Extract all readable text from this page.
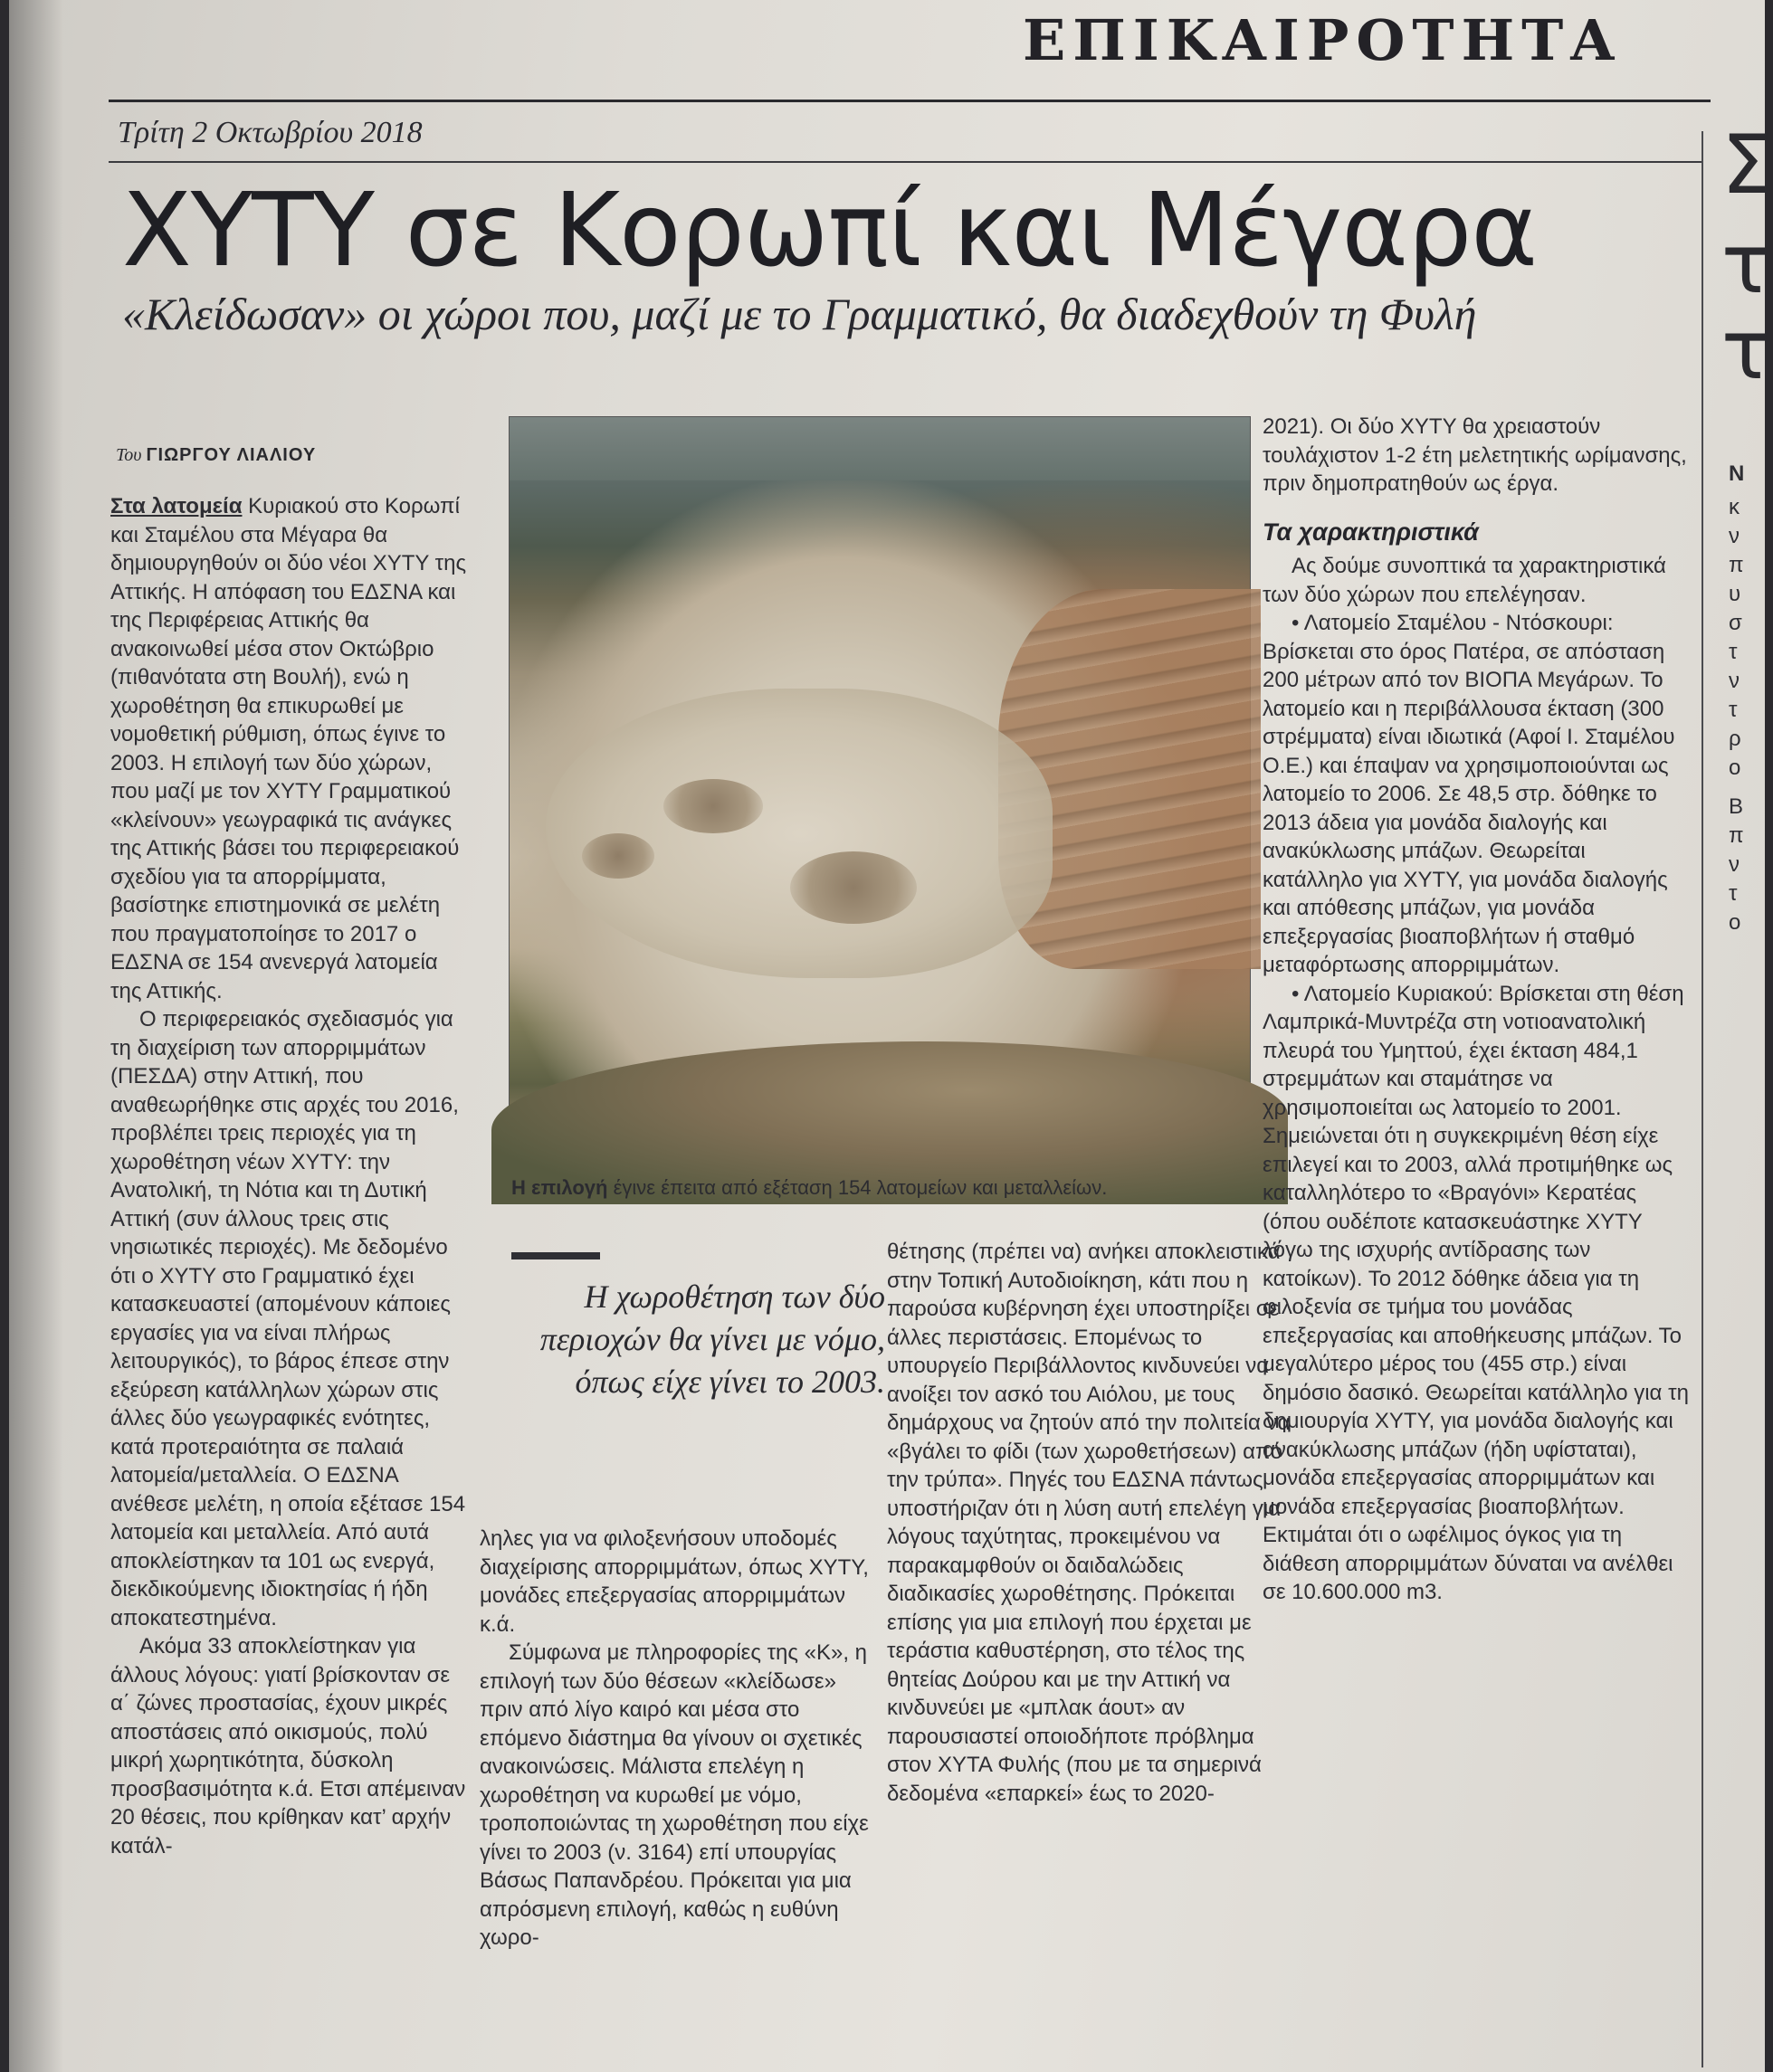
ΕΠΙΚΑΙΡΟΤΗΤΑ
Τρίτη 2 Οκτωβρίου 2018
ΧΥΤΥ σε Κορωπί και Μέγαρα
«Κλείδωσαν» οι χώροι που, μαζί με το Γραμματικό, θα διαδεχθούν τη Φυλή
Του ΓΙΩΡΓΟΥ ΛΙΑΛΙΟΥ

Στα λατομεία Κυριακού στο Κορωπί και Σταμέλου στα Μέγαρα θα δημιουργηθούν οι δύο νέοι ΧΥΤΥ της Αττικής. Η απόφαση του ΕΔΣΝΑ και της Περιφέρειας Αττικής θα ανακοινωθεί μέσα στον Οκτώβριο (πιθανότατα στη Βουλή), ενώ η χωροθέτηση θα επικυρωθεί με νομοθετική ρύθμιση, όπως έγινε το 2003. Η επιλογή των δύο χώρων, που μαζί με τον ΧΥΤΥ Γραμματικού «κλείνουν» γεωγραφικά τις ανάγκες της Αττικής βάσει του περιφερειακού σχεδίου για τα απορρίμματα, βασίστηκε επιστημονικά σε μελέτη που πραγματοποίησε το 2017 ο ΕΔΣΝΑ σε 154 ανενεργά λατομεία της Αττικής.

Ο περιφερειακός σχεδιασμός για τη διαχείριση των απορριμμάτων (ΠΕΣΔΑ) στην Αττική, που αναθεωρήθηκε στις αρχές του 2016, προβλέπει τρεις περιοχές για τη χωροθέτηση νέων ΧΥΤΥ: την Ανατολική, τη Νότια και τη Δυτική Αττική (συν άλλους τρεις στις νησιωτικές περιοχές). Με δεδομένο ότι ο ΧΥΤΥ στο Γραμματικό έχει κατασκευαστεί (απομένουν κάποιες εργασίες για να είναι πλήρως λειτουργικός), το βάρος έπεσε στην εξεύρεση κατάλληλων χώρων στις άλλες δύο γεωγραφικές ενότητες, κατά προτεραιότητα σε παλαιά λατομεία/μεταλλεία. Ο ΕΔΣΝΑ ανέθεσε μελέτη, η οποία εξέτασε 154 λατομεία και μεταλλεία. Από αυτά αποκλείστηκαν τα 101 ως ενεργά, διεκδικούμενης ιδιοκτησίας ή ήδη αποκατεστημένα.

Ακόμα 33 αποκλείστηκαν για άλλους λόγους: γιατί βρίσκονταν σε α΄ ζώνες προστασίας, έχουν μικρές αποστάσεις από οικισμούς, πολύ μικρή χωρητικότητα, δύσκολη προσβασιμότητα κ.ά. Ετσι απέμειναν 20 θέσεις, που κρίθηκαν κατ’ αρχήν κατάλ-

Η επιλογή έγινε έπειτα από εξέταση 154 λατομείων και μεταλλείων.
Η χωροθέτηση των δύο περιοχών θα γίνει με νόμο, όπως είχε γίνει το 2003.

ληλες για να φιλοξενήσουν υποδομές διαχείρισης απορριμμάτων, όπως ΧΥΤΥ, μονάδες επεξεργασίας απορριμμάτων κ.ά.

Σύμφωνα με πληροφορίες της «Κ», η επιλογή των δύο θέσεων «κλείδωσε» πριν από λίγο καιρό και μέσα στο επόμενο διάστημα θα γίνουν οι σχετικές ανακοινώσεις. Μάλιστα επελέγη η χωροθέτηση να κυρωθεί με νόμο, τροποποιώντας τη χωροθέτηση που είχε γίνει το 2003 (ν. 3164) επί υπουργίας Βάσως Παπανδρέου. Πρόκειται για μια απρόσμενη επιλογή, καθώς η ευθύνη χωρο-

θέτησης (πρέπει να) ανήκει αποκλειστικά στην Τοπική Αυτοδιοίκηση, κάτι που η παρούσα κυβέρνηση έχει υποστηρίξει σε άλλες περιστάσεις. Επομένως το υπουργείο Περιβάλλοντος κινδυνεύει να ανοίξει τον ασκό του Αιόλου, με τους δημάρχους να ζητούν από την πολιτεία να «βγάλει το φίδι (των χωροθετήσεων) από την τρύπα». Πηγές του ΕΔΣΝΑ πάντως υποστήριζαν ότι η λύση αυτή επελέγη για λόγους ταχύτητας, προκειμένου να παρακαμφθούν οι δαιδαλώδεις διαδικασίες χωροθέτησης. Πρόκειται επίσης για μια επιλογή που έρχεται με τεράστια καθυστέρηση, στο τέλος της θητείας Δούρου και με την Αττική να κινδυνεύει με «μπλακ άουτ» αν παρουσιαστεί οποιοδήποτε πρόβλημα στον ΧΥΤΑ Φυλής (που με τα σημερινά δεδομένα «επαρκεί» έως το 2020-

2021). Οι δύο ΧΥΤΥ θα χρειαστούν τουλάχιστον 1-2 έτη μελετητικής ωρίμανσης, πριν δημοπρατηθούν ως έργα.

Τα χαρακτηριστικά

Ας δούμε συνοπτικά τα χαρακτηριστικά των δύο χώρων που επελέγησαν.

• Λατομείο Σταμέλου - Ντόσκουρι: Βρίσκεται στο όρος Πατέρα, σε απόσταση 200 μέτρων από τον ΒΙΟΠΑ Μεγάρων. Το λατομείο και η περιβάλλουσα έκταση (300 στρέμματα) είναι ιδιωτικά (Αφοί Ι. Σταμέλου Ο.Ε.) και έπαψαν να χρησιμοποιούνται ως λατομείο το 2006. Σε 48,5 στρ. δόθηκε το 2013 άδεια για μονάδα διαλογής και ανακύκλωσης μπάζων. Θεωρείται κατάλληλο για ΧΥΤΥ, για μονάδα διαλογής και απόθεσης μπάζων, για μονάδα επεξεργασίας βιοαποβλήτων ή σταθμό μεταφόρτωσης απορριμμάτων.

• Λατομείο Κυριακού: Βρίσκεται στη θέση Λαμπρικά-Μυντρέζα στη νοτιοανατολική πλευρά του Υμηττού, έχει έκταση 484,1 στρεμμάτων και σταμάτησε να χρησιμοποιείται ως λατομείο το 2001. Σημειώνεται ότι η συγκεκριμένη θέση είχε επιλεγεί και το 2003, αλλά προτιμήθηκε ως καταλληλότερο το «Βραγόνι» Κερατέας (όπου ουδέποτε κατασκευάστηκε ΧΥΤΥ λόγω της ισχυρής αντίδρασης των κατοίκων). Το 2012 δόθηκε άδεια για τη φιλοξενία σε τμήμα του μονάδας επεξεργασίας και αποθήκευσης μπάζων. Το μεγαλύτερο μέρος του (455 στρ.) είναι δημόσιο δασικό. Θεωρείται κατάλληλο για τη δημιουργία ΧΥΤΥ, για μονάδα διαλογής και ανακύκλωσης μπάζων (ήδη υφίσταται), μονάδα επεξεργασίας απορριμμάτων και μονάδα επεξεργασίας βιοαποβλήτων. Εκτιμάται ότι ο ωφέλιμος όγκος για τη διάθεση απορριμμάτων δύναται να ανέλθει σε 10.600.000 m3.

Σ
τ
τ
Ν
κ
ν
π
υ
σ
τ
ν
τ
ρ
ο
Β
π
ν
τ
ο
